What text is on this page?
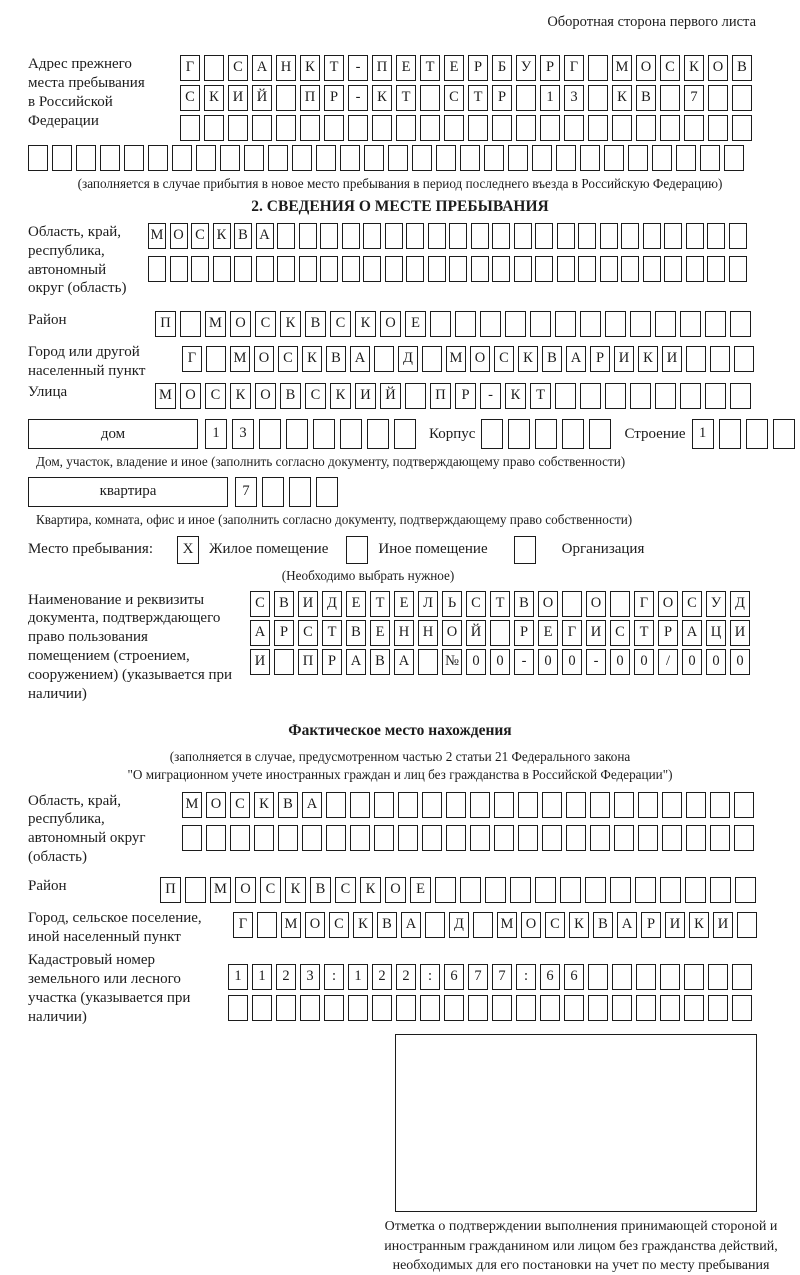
Оборотная сторона первого листа
Адрес прежнего места пребывания в Российской Федерации
Г	С А Н К	Т	-	П Е	Т	Е	Р	Б	У	Р	Г	М О С К О В
С К И Й	П	Р	-	К	Т	С	Т	Р	1	3	К В	7
(заполняется в случае прибытия в новое место пребывания в период последнего въезда в Российскую Федерацию)
2. СВЕДЕНИЯ О МЕСТЕ ПРЕБЫВАНИЯ
Область, край, республика, автономный округ (область)
М О С К В А
Район	П	М О	С	К	В	С	К	О	Е
Город или другой населенный пункт
Г	М О С К В А	Д	М О С К В А	Р	И К И
Улица	М О	С	К	О	В	С	К	И	Й	П	Р	-	К	Т
дом	1	3	Корпус	Строение 1
Дом, участок, владение и иное (заполнить согласно документу, подтверждающему право собственности)
квартира	7
Квартира, комната, офис и иное (заполнить согласно документу, подтверждающему право собственности)
Место пребывания:	X	Жилое помещение	Иное помещение	Организация
(Необходимо выбрать нужное)
Наименование и реквизиты документа, подтверждающего право пользования помещением (строением, сооружением) (указывается при наличии)
С В И Д	Е	Т	Е	Л	Ь	С	Т	В О	О	Г	О С У Д
А	Р	С	Т	В	Е Н Н О Й	Р	Е	Г	И С	Т	Р	А Ц И
И	П	Р	А В А	№ 0	0	-	0	0	-	0	0	/	0	0	0
Фактическое место нахождения
(заполняется в случае, предусмотренном частью 2 статьи 21 Федерального закона
"О миграционном учете иностранных граждан и лиц без гражданства в Российской Федерации")
Область, край, республика, автономный округ (область)
М О С К В А
Район	П	М О	С	К	В	С	К	О	Е
Город, сельское поселение, иной населенный пункт
Г	М О С К В А	Д	М О С К В А	Р	И К И
Кадастровый номер земельного или лесного участка (указывается при наличии)
1	1	2	3	:	1	2	2	:	6	7	7	:	6	6
Отметка о подтверждении выполнения принимающей стороной и иностранным гражданином или лицом без гражданства действий, необходимых для его постановки на учет по месту пребывания
